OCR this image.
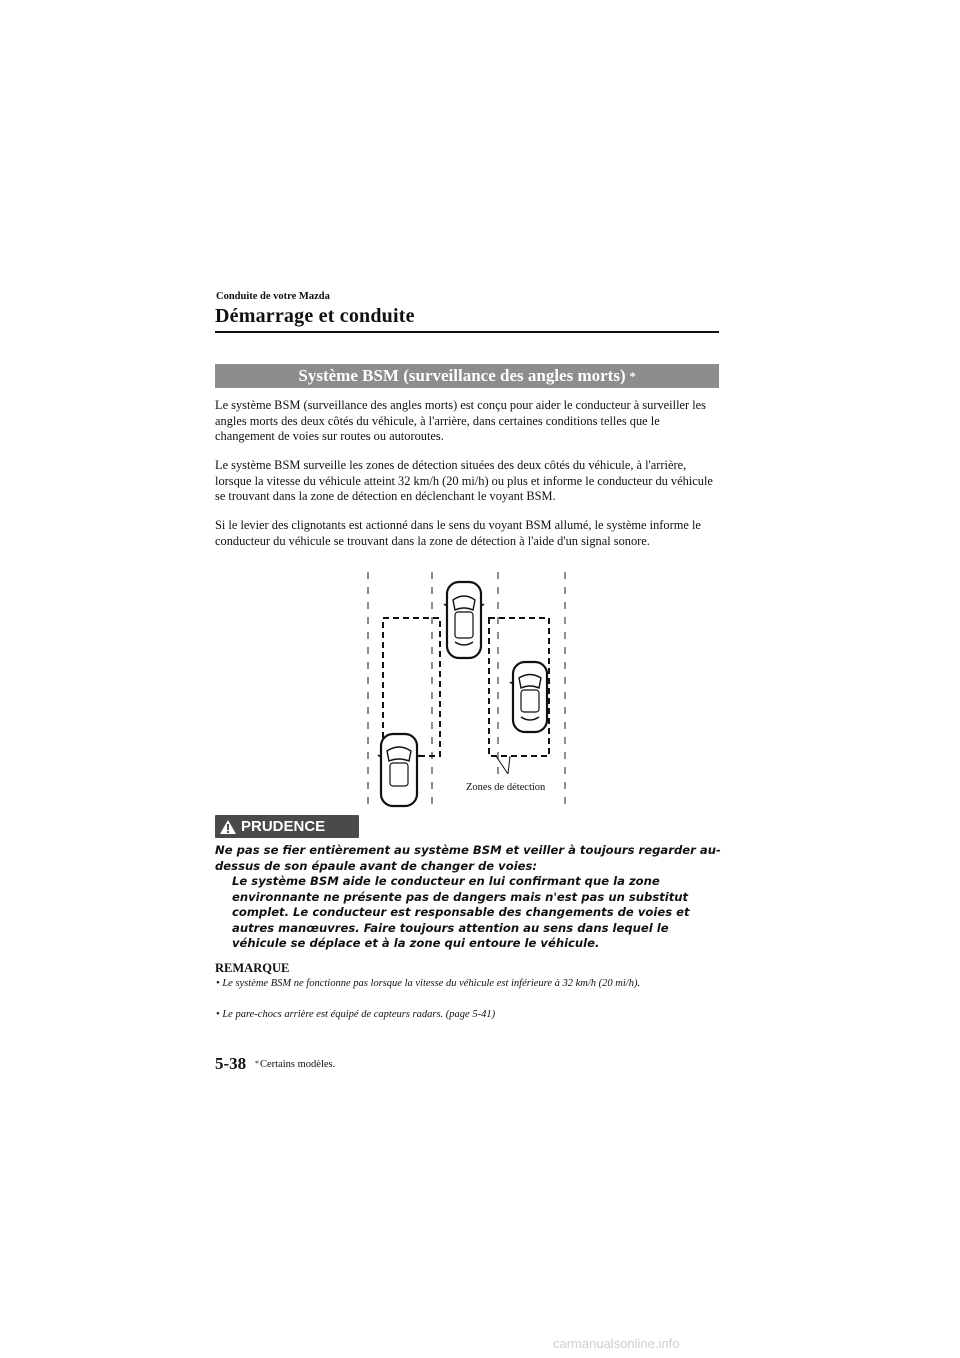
Conduite de votre Mazda
Démarrage et conduite
Système BSM (surveillance des angles morts) *

Le système BSM (surveillance des angles morts) est conçu pour aider le conducteur à surveiller les angles morts des deux côtés du véhicule, à l'arrière, dans certaines conditions telles que le changement de voies sur routes ou autoroutes.

Le système BSM surveille les zones de détection situées des deux côtés du véhicule, à l'arrière, lorsque la vitesse du véhicule atteint 32 km/h (20 mi/h) ou plus et informe le conducteur du véhicule se trouvant dans la zone de détection en déclenchant le voyant BSM.

Si le levier des clignotants est actionné dans le sens du voyant BSM allumé, le système informe le conducteur du véhicule se trouvant dans la zone de détection à l'aide d'un signal sonore.

Zones de détection
PRUDENCE

Ne pas se fier entièrement au système BSM et veiller à toujours regarder au-dessus de son épaule avant de changer de voies:

Le système BSM aide le conducteur en lui confirmant que la zone environnante ne présente pas de dangers mais n'est pas un substitut complet. Le conducteur est responsable des changements de voies et autres manœuvres. Faire toujours attention au sens dans lequel le véhicule se déplace et à la zone qui entoure le véhicule.

REMARQUE

• Le système BSM ne fonctionne pas lorsque la vitesse du véhicule est inférieure à 32 km/h (20 mi/h).

• Le pare-chocs arrière est équipé de capteurs radars. (page 5-41)

5-38 *Certains modèles.
carmanualsonline.info
